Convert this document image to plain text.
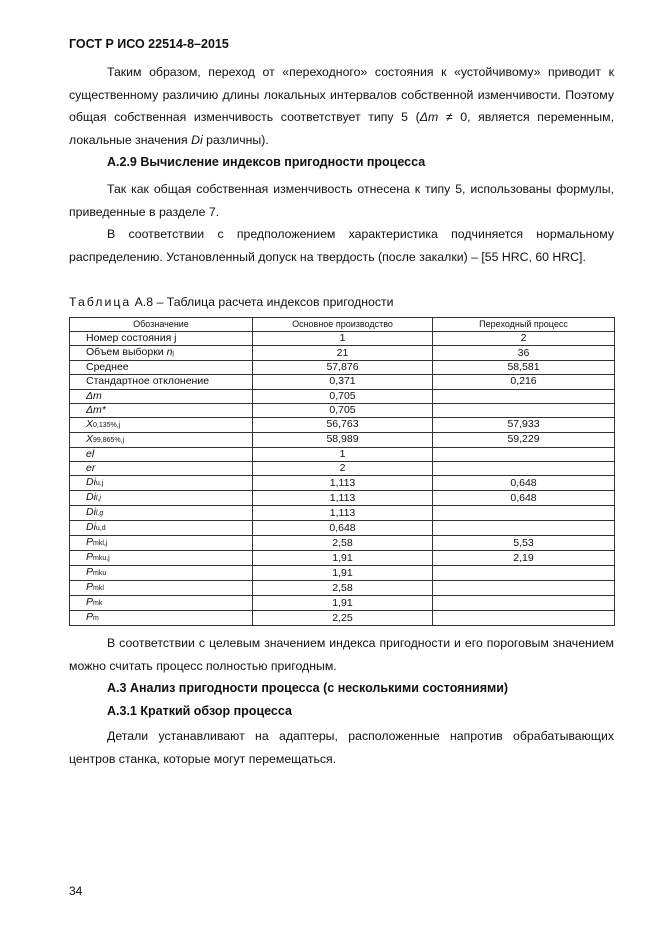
ГОСТ Р ИСО 22514-8–2015
Таким образом, переход от «переходного» состояния к «устойчивому» приводит к существенному различию длины локальных интервалов собственной изменчивости. Поэтому общая собственная изменчивость соответствует типу 5 (Δm ≠ 0, является переменным, локальные значения Di различны).
А.2.9 Вычисление индексов пригодности процесса
Так как общая собственная изменчивость отнесена к типу 5, использованы формулы, приведенные в разделе 7.
В соответствии с предположением характеристика подчиняется нормальному распределению. Установленный допуск на твердость (после закалки) – [55 HRC, 60 HRC].
Таблица А.8 – Таблица расчета индексов пригодности
Обозначение	Основное производство	Переходный процесс
Номер состояния j	1	2
Объем выборки nj	21	36
Среднее	57,876	58,581
Стандартное отклонение	0,371	0,216
Δm	0,705	
Δm*	0,705	
X0,135%,j	56,763	57,933
X99,865%,j	58,989	59,229
el	1	
er	2	
Diu,j	1,113	0,648
Dil,j	1,113	0,648
Dil,g	1,113	
Diu,d	0,648	
Pmkl,j	2,58	5,53
Pmku,j	1,91	2,19
Pmku	1,91	
Pmkl	2,58	
Pmk	1,91	
Pm	2,25	
В соответствии с целевым значением индекса пригодности и его пороговым значением можно считать процесс полностью пригодным.
А.3 Анализ пригодности процесса (с несколькими состояниями)
А.3.1 Краткий обзор процесса
Детали устанавливают на адаптеры, расположенные напротив обрабатывающих центров станка, которые могут перемещаться.
34
